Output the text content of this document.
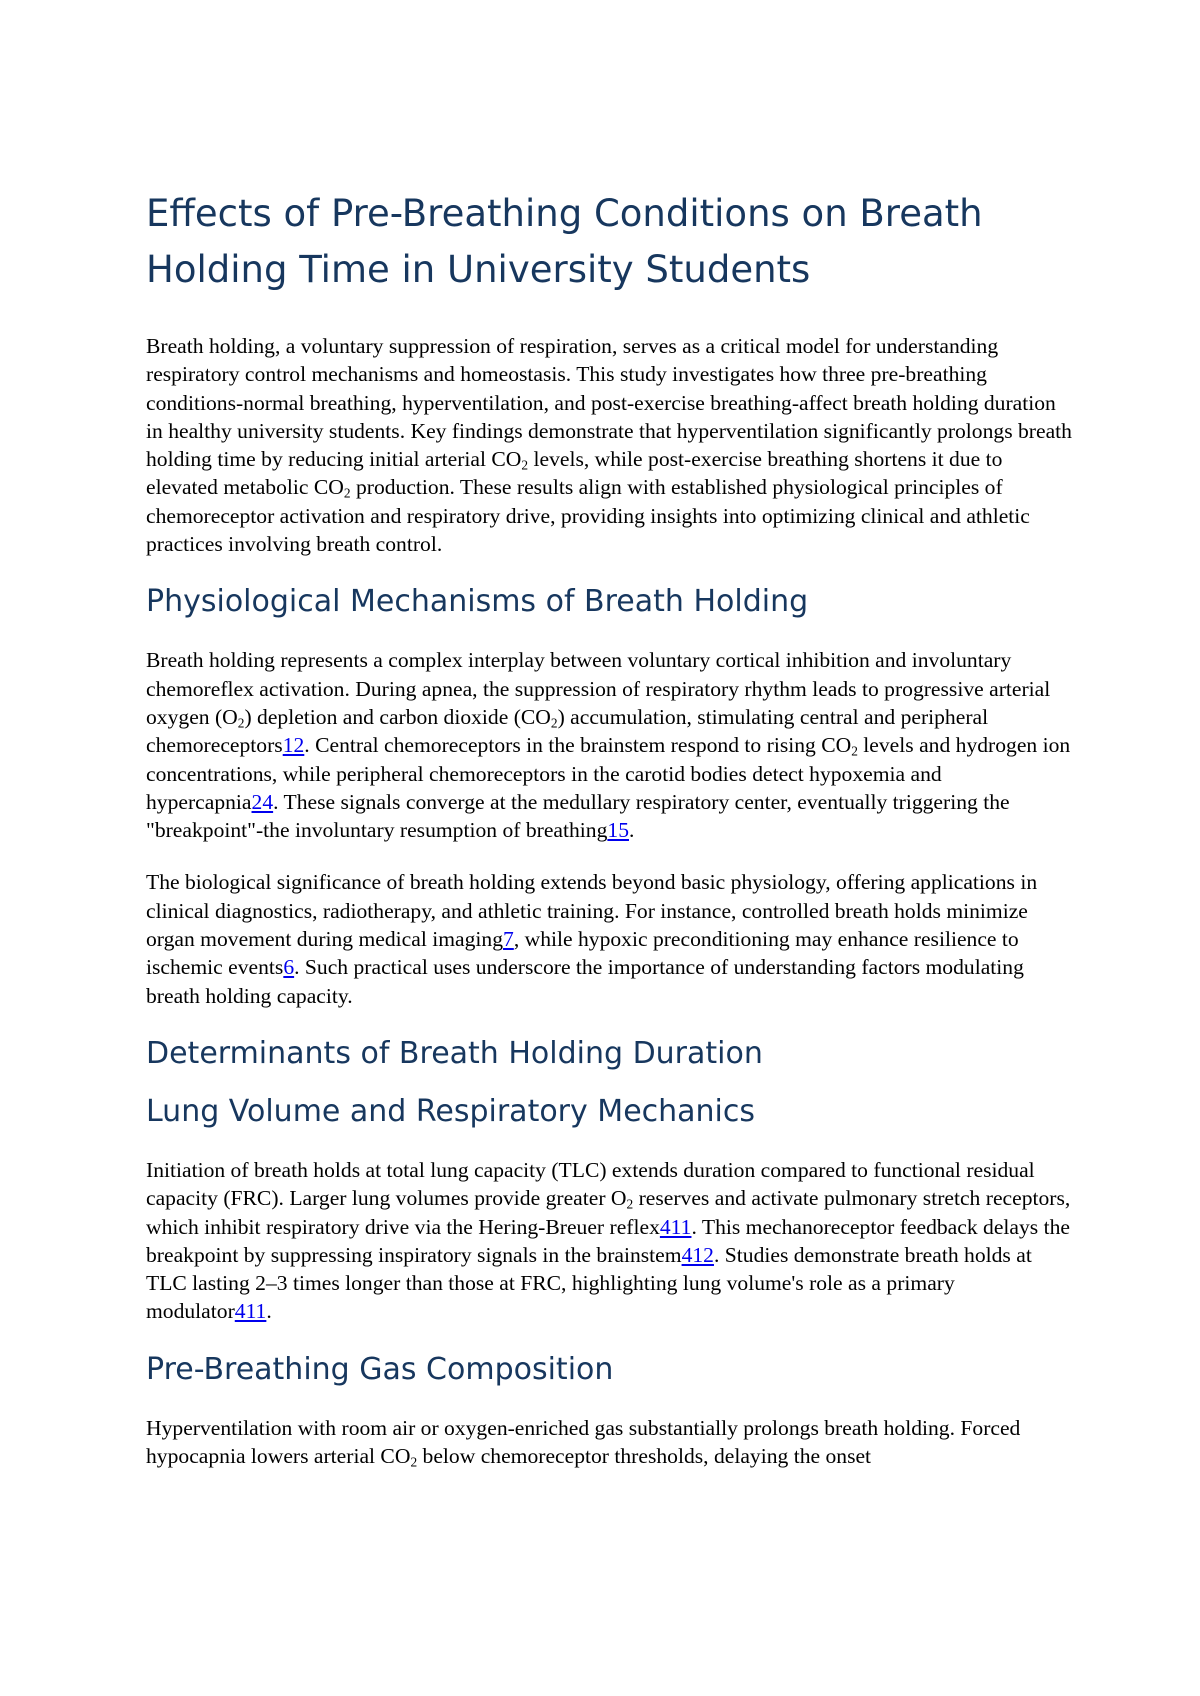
Effects of Pre-Breathing Conditions on Breath Holding Time in University Students

Breath holding, a voluntary suppression of respiration, serves as a critical model for understanding respiratory control mechanisms and homeostasis. This study investigates how three pre-breathing conditions-normal breathing, hyperventilation, and post-exercise breathing-affect breath holding duration in healthy university students. Key findings demonstrate that hyperventilation significantly prolongs breath holding time by reducing initial arterial $CO_2$ levels, while post-exercise breathing shortens it due to elevated metabolic $CO_2$ production. These results align with established physiological principles of chemoreceptor activation and respiratory drive, providing insights into optimizing clinical and athletic practices involving breath control.

Physiological Mechanisms of Breath Holding

Breath holding represents a complex interplay between voluntary cortical inhibition and involuntary chemoreflex activation. During apnea, the suppression of respiratory rhythm leads to progressive arterial oxygen $(O_2)$ depletion and carbon dioxide $(CO_2)$ accumulation, stimulating central and peripheral chemoreceptors12. Central chemoreceptors in the brainstem respond to rising $CO_2$ levels and hydrogen ion concentrations, while peripheral chemoreceptors in the carotid bodies detect hypoxemia and hypercapnia24. These signals converge at the medullary respiratory center, eventually triggering the "breakpoint"-the involuntary resumption of breathing15.

The biological significance of breath holding extends beyond basic physiology, offering applications in clinical diagnostics, radiotherapy, and athletic training. For instance, controlled breath holds minimize organ movement during medical imaging7, while hypoxic preconditioning may enhance resilience to ischemic events6. Such practical uses underscore the importance of understanding factors modulating breath holding capacity.

Determinants of Breath Holding Duration
Lung Volume and Respiratory Mechanics

Initiation of breath holds at total lung capacity (TLC) extends duration compared to functional residual capacity (FRC). Larger lung volumes provide greater $O_2$ reserves and activate pulmonary stretch receptors, which inhibit respiratory drive via the Hering-Breuer reflex411. This mechanoreceptor feedback delays the breakpoint by suppressing inspiratory signals in the brainstem412. Studies demonstrate breath holds at TLC lasting 2–3 times longer than those at FRC, highlighting lung volume's role as a primary modulator411.

Pre-Breathing Gas Composition

Hyperventilation with room air or oxygen-enriched gas substantially prolongs breath holding. Forced hypocapnia lowers arterial $CO_2$ below chemoreceptor thresholds, delaying the onset
